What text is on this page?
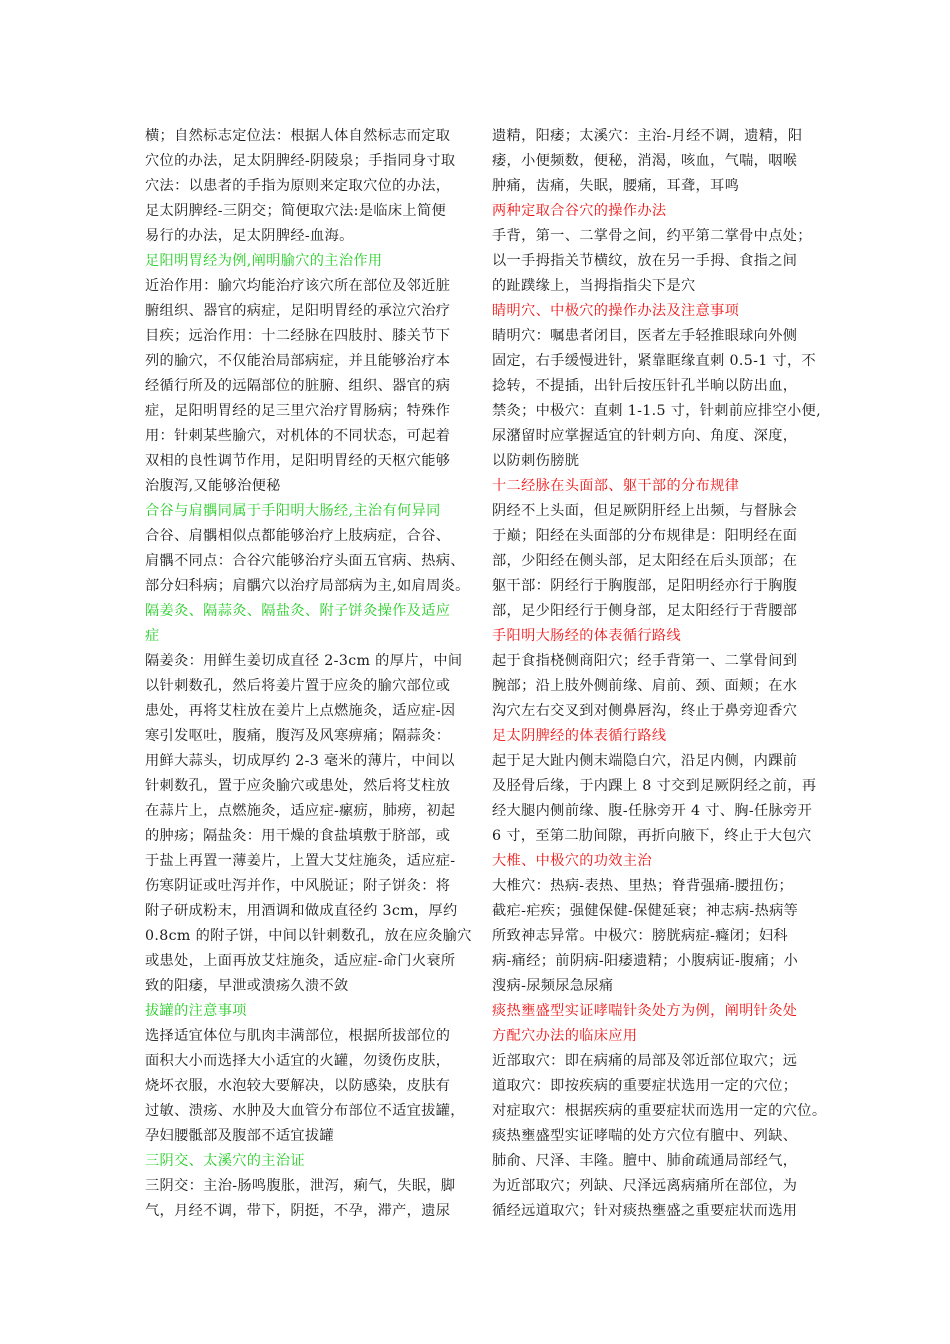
横；自然标志定位法：根据人体自然标志而定取
穴位的办法，足太阴脾经-阴陵泉；手指同身寸取
穴法：以患者的手指为原则来定取穴位的办法，
足太阴脾经-三阴交；简便取穴法:是临床上简便
易行的办法，足太阴脾经-血海。
足阳明胃经为例,阐明腧穴的主治作用
近治作用：腧穴均能治疗该穴所在部位及邻近脏
腑组织、器官的病症，足阳明胃经的承泣穴治疗
目疾；远治作用：十二经脉在四肢肘、膝关节下
列的腧穴，不仅能治局部病症，并且能够治疗本
经循行所及的远隔部位的脏腑、组织、器官的病
症，足阳明胃经的足三里穴治疗胃肠病；特殊作
用：针刺某些腧穴，对机体的不同状态，可起着
双相的良性调节作用，足阳明胃经的天枢穴能够
治腹泻,又能够治便秘
合谷与肩髃同属于手阳明大肠经,主治有何异同
合谷、肩髃相似点都能够治疗上肢病症，合谷、
肩髃不同点：合谷穴能够治疗头面五官病、热病、
部分妇科病；肩髃穴以治疗局部病为主,如肩周炎。
隔姜灸、隔蒜灸、隔盐灸、附子饼灸操作及适应
症
隔姜灸：用鲜生姜切成直径 2-3cm 的厚片，中间
以针刺数孔，然后将姜片置于应灸的腧穴部位或
患处，再将艾柱放在姜片上点燃施灸，适应症-因
寒引发呕吐，腹痛，腹泻及风寒痹痛；隔蒜灸：
用鲜大蒜头，切成厚约 2-3 毫米的薄片，中间以
针刺数孔，置于应灸腧穴或患处，然后将艾柱放
在蒜片上，点燃施灸，适应症-瘰疬，肺痨，初起
的肿疡；隔盐灸：用干燥的食盐填敷于脐部，或
于盐上再置一薄姜片，上置大艾炷施灸，适应症-
伤寒阴证或吐泻并作，中风脱证；附子饼灸：将
附子研成粉末，用酒调和做成直径约 3cm，厚约
0.8cm 的附子饼，中间以针刺数孔，放在应灸腧穴
或患处，上面再放艾炷施灸，适应症-命门火衰所
致的阳痿，早泄或溃疡久溃不敛
拔罐的注意事项
选择适宜体位与肌肉丰满部位，根据所拔部位的
面积大小而选择大小适宜的火罐，勿烫伤皮肤，
烧坏衣服，水泡较大要解决，以防感染，皮肤有
过敏、溃疡、水肿及大血管分布部位不适宜拔罐，
孕妇腰骶部及腹部不适宜拔罐
三阴交、太溪穴的主治证
三阴交：主治-肠鸣腹胀，泄泻，痢气，失眠，脚
气，月经不调，带下，阴挺，不孕，滞产，遗尿
遗精，阳痿；太溪穴：主治-月经不调，遗精，阳
痿，小便频数，便秘，消渴，咳血，气喘，咽喉
肿痛，齿痛，失眠，腰痛，耳聋，耳鸣
两种定取合谷穴的操作办法
手背，第一、二掌骨之间，约平第二掌骨中点处；
以一手拇指关节横纹，放在另一手拇、食指之间
的趾蹼缘上，当拇指指尖下是穴
睛明穴、中极穴的操作办法及注意事项
睛明穴：嘱患者闭目，医者左手轻推眼球向外侧
固定，右手缓慢进针，紧靠眶缘直刺 0.5-1 寸，不
捻转，不提插，出针后按压针孔半晌以防出血，
禁灸；中极穴：直刺 1-1.5 寸，针刺前应排空小便,
尿潴留时应掌握适宜的针刺方向、角度、深度，
以防刺伤膀胱
十二经脉在头面部、躯干部的分布规律
阴经不上头面，但足厥阴肝经上出频，与督脉会
于巅；阳经在头面部的分布规律是：阳明经在面
部，少阳经在侧头部，足太阳经在后头顶部；在
躯干部：阴经行于胸腹部，足阳明经亦行于胸腹
部，足少阳经行于侧身部，足太阳经行于背腰部
手阳明大肠经的体表循行路线
起于食指桡侧商阳穴；经手背第一、二掌骨间到
腕部；沿上肢外侧前缘、肩前、颈、面颊；在水
沟穴左右交叉到对侧鼻唇沟，终止于鼻旁迎香穴
足太阴脾经的体表循行路线
起于足大趾内侧末端隐白穴，沿足内侧，内踝前
及胫骨后缘，于内踝上 8 寸交到足厥阴经之前，再
经大腿内侧前缘、腹-任脉旁开 4 寸、胸-任脉旁开
6 寸，至第二肋间隙，再折向腋下，终止于大包穴
大椎、中极穴的功效主治
大椎穴：热病-表热、里热；脊背强痛-腰扭伤；
截疟-疟疾；强健保健-保健延衰；神志病-热病等
所致神志异常。中极穴：膀胱病症-癃闭；妇科
病-痛经；前阴病-阳痿遗精；小腹病证-腹痛；小
溲病-尿频尿急尿痛
痰热壅盛型实证哮喘针灸处方为例，阐明针灸处
方配穴办法的临床应用
近部取穴：即在病痛的局部及邻近部位取穴；远
道取穴：即按疾病的重要症状选用一定的穴位；
对症取穴：根据疾病的重要症状而选用一定的穴位。
痰热壅盛型实证哮喘的处方穴位有膻中、列缺、
肺俞、尺泽、丰隆。膻中、肺俞疏通局部经气，
为近部取穴；列缺、尺泽远离病痛所在部位，为
循经远道取穴；针对痰热壅盛之重要症状而选用
